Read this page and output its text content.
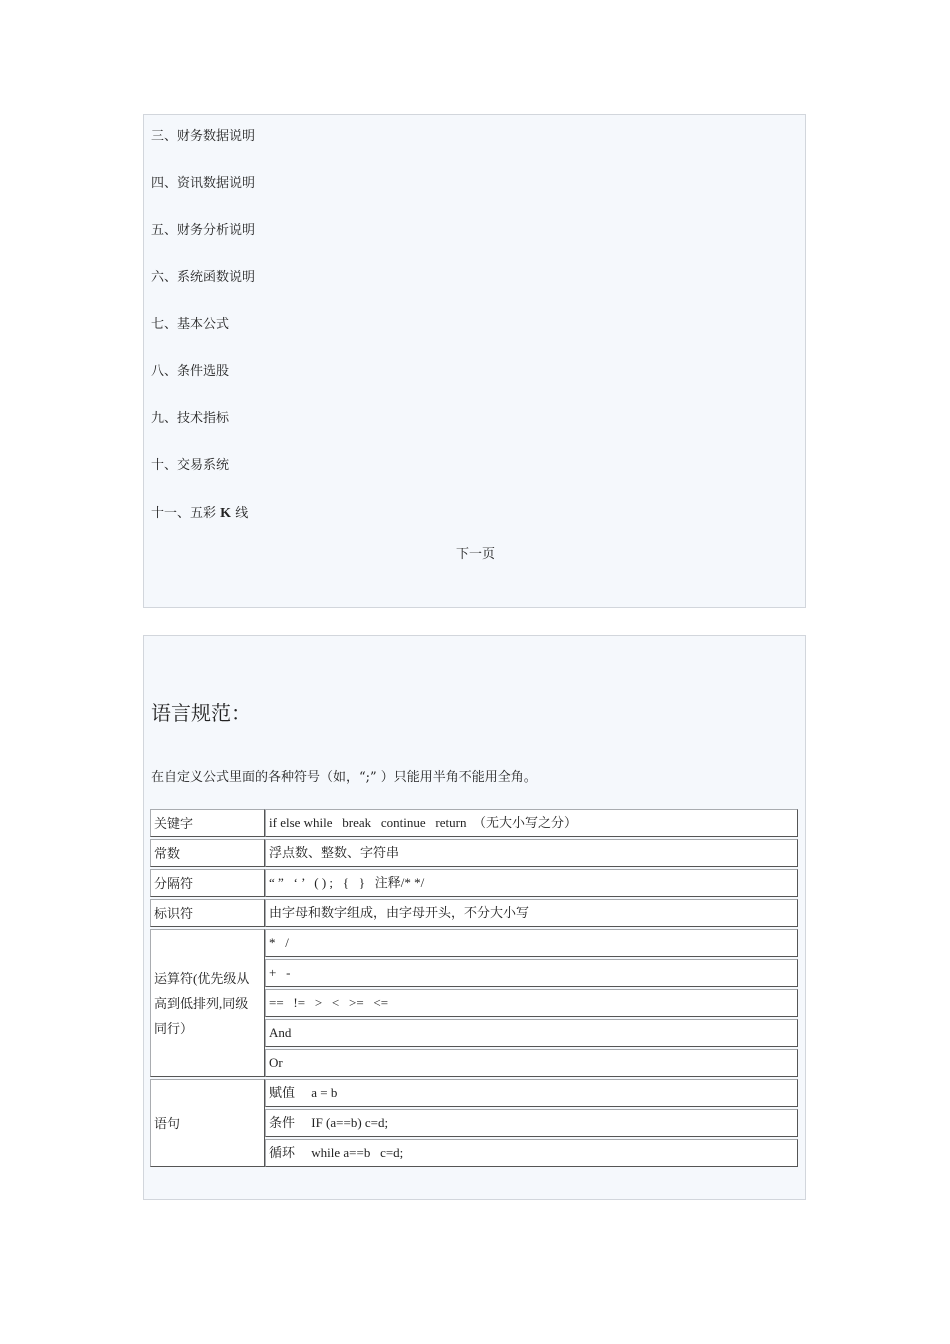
三、财务数据说明
四、资讯数据说明
五、财务分析说明
六、系统函数说明
七、基本公式
八、条件选股
九、技术指标
十、交易系统
十一、五彩 K 线
下一页
语言规范：
在自定义公式里面的各种符号（如，“;” ）只能用半角不能用全角。
关键字	if else while   break   continue   return  （无大小写之分）
常数	浮点数、整数、字符串
分隔符	“ ”   ‘ ’   ( ) ;   {   }   注释/* */
标识符	由字母和数字组成，由字母开头，不分大小写
运算符(优先级从高到低排列,同级同行）	*   /
	+   -
	==   !=   >   <   >=   <=
	And
	Or
语句	赋值     a = b
	条件     IF (a==b) c=d;
	循环     while a==b   c=d;
